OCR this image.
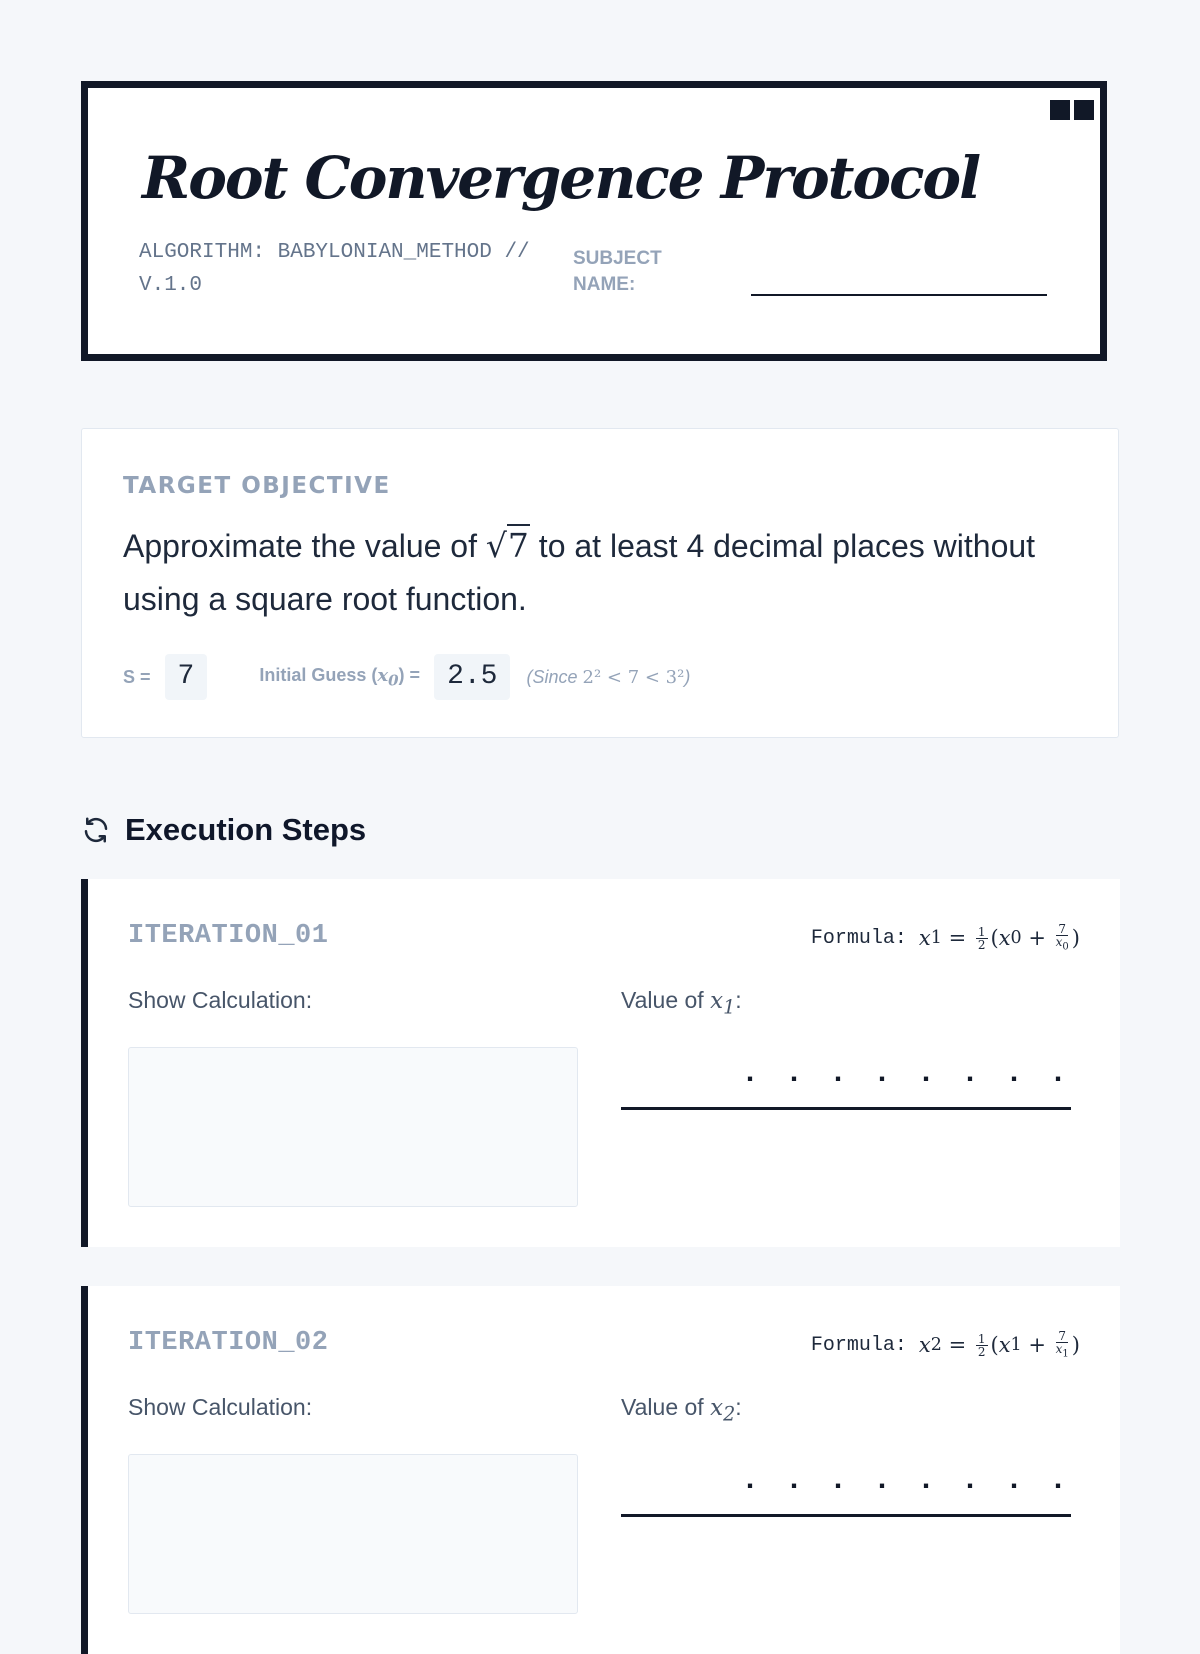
Root Convergence Protocol
ALGORITHM: BABYLONIAN_METHOD // V.1.0
SUBJECT NAME:
TARGET OBJECTIVE

Approximate the value of √7 to at least 4 decimal places without using a square root function.

S = 7	Initial Guess $(x_0) = 2.5$	(Since 2² < 7 < 3²)
Execution Steps
ITERATION_01	Formula: x $1 = \frac{1}{2}$ ( x $0 + \frac{7}{x_0}$ )
Show Calculation:	Value of $x_1$:
. . . . . . . .
ITERATION_02	Formula: x $2 = \frac{1}{2}$ ( x $1 + \frac{7}{x_1}$ )
Show Calculation:	Value of $x_2$:
. . . . . . . .
